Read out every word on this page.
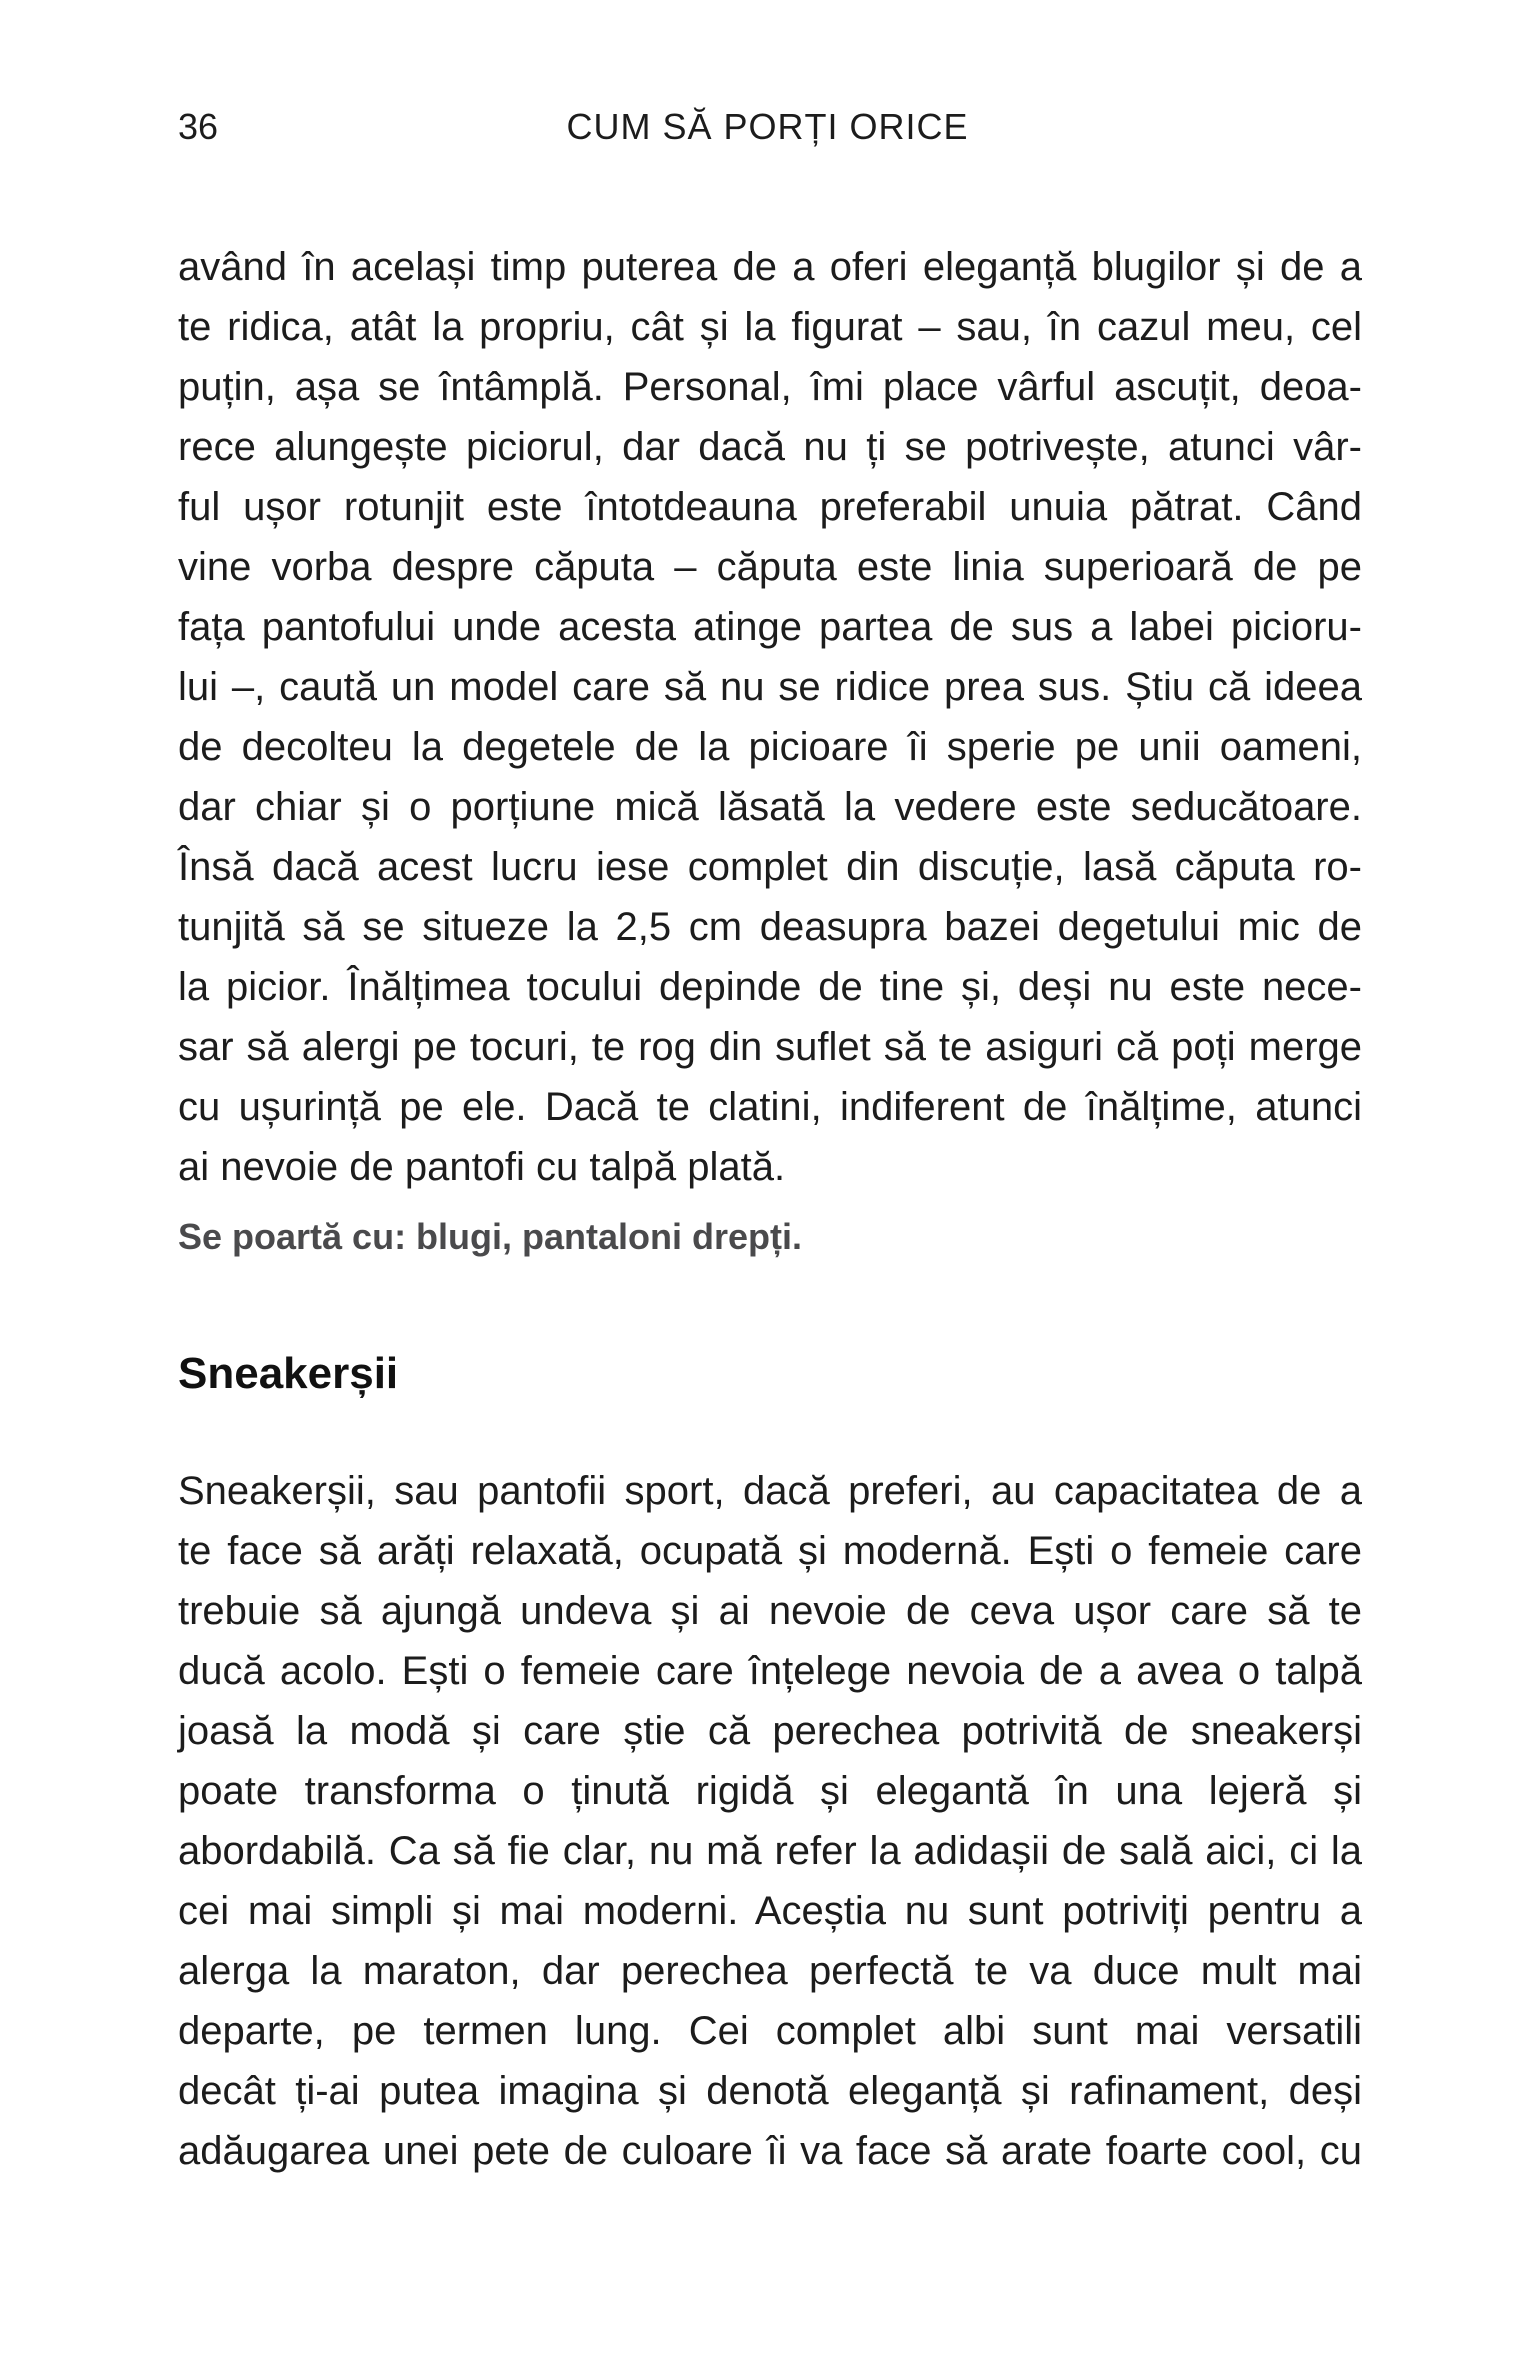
36	CUM SĂ PORȚI ORICE
având în același timp puterea de a oferi eleganță blugilor și de a
te ridica, atât la propriu, cât și la figurat – sau, în cazul meu, cel
puțin, așa se întâmplă. Personal, îmi place vârful ascuțit, deoa-
rece alungește piciorul, dar dacă nu ți se potrivește, atunci vâr-
ful ușor rotunjit este întotdeauna preferabil unuia pătrat. Când
vine vorba despre căputa – căputa este linia superioară de pe
fața pantofului unde acesta atinge partea de sus a labei picioru-
lui –, caută un model care să nu se ridice prea sus. Știu că ideea
de decolteu la degetele de la picioare îi sperie pe unii oameni,
dar chiar și o porțiune mică lăsată la vedere este seducătoare.
Însă dacă acest lucru iese complet din discuție, lasă căputa ro-
tunjită să se situeze la 2,5 cm deasupra bazei degetului mic de
la picior. Înălțimea tocului depinde de tine și, deși nu este nece-
sar să alergi pe tocuri, te rog din suflet să te asiguri că poți merge
cu ușurință pe ele. Dacă te clatini, indiferent de înălțime, atunci
ai nevoie de pantofi cu talpă plată.
Se poartă cu: blugi, pantaloni drepți.
Sneakerșii
Sneakerșii, sau pantofii sport, dacă preferi, au capacitatea de a
te face să arăți relaxată, ocupată și modernă. Ești o femeie care
trebuie să ajungă undeva și ai nevoie de ceva ușor care să te
ducă acolo. Ești o femeie care înțelege nevoia de a avea o talpă
joasă la modă și care știe că perechea potrivită de sneakerși
poate transforma o ținută rigidă și elegantă în una lejeră și
abordabilă. Ca să fie clar, nu mă refer la adidașii de sală aici, ci la
cei mai simpli și mai moderni. Aceștia nu sunt potriviți pentru a
alerga la maraton, dar perechea perfectă te va duce mult mai
departe, pe termen lung. Cei complet albi sunt mai versatili
decât ți-ai putea imagina și denotă eleganță și rafinament, deși
adăugarea unei pete de culoare îi va face să arate foarte cool, cu
